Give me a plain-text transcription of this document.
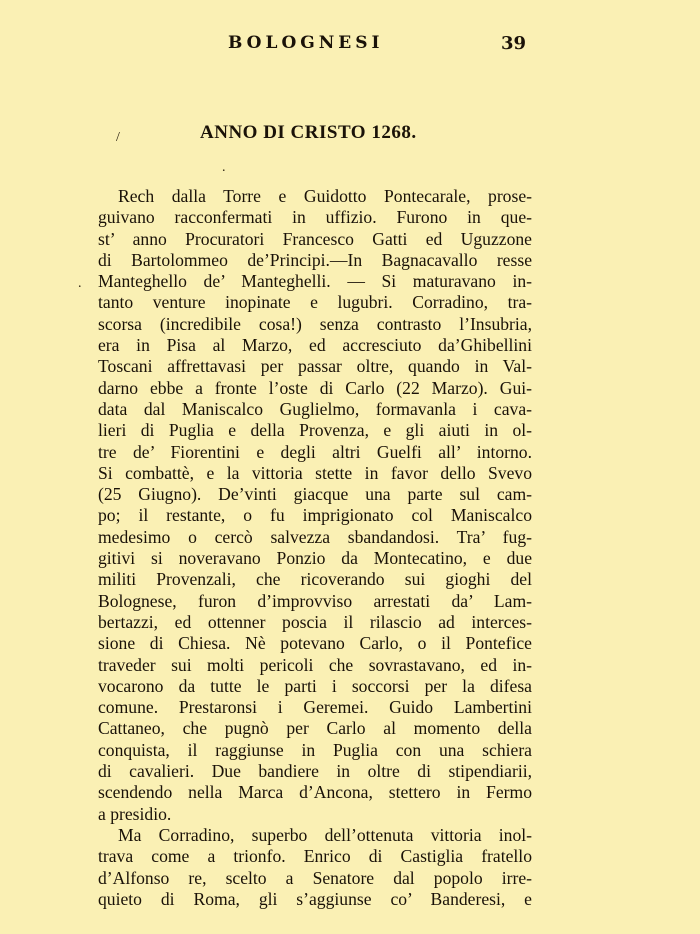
BOLOGNESI	39
/	ANNO DI CRISTO 1268.
.
.
Rech dalla Torre e Guidotto Pontecarale, prose-
guivano racconfermati in uffizio. Furono in que-
st’ anno Procuratori Francesco Gatti ed Uguzzone
di Bartolommeo de’Principi.—In Bagnacavallo resse
Manteghello de’ Manteghelli. — Si maturavano in-
tanto venture inopinate e lugubri. Corradino, tra-
scorsa (incredibile cosa!) senza contrasto l’Insubria,
era in Pisa al Marzo, ed accresciuto da’Ghibellini
Toscani affrettavasi per passar oltre, quando in Val-
darno ebbe a fronte l’oste di Carlo (22 Marzo). Gui-
data dal Maniscalco Guglielmo, formavanla i cava-
lieri di Puglia e della Provenza, e gli aiuti in ol-
tre de’ Fiorentini e degli altri Guelfi all’ intorno.
Si combattè, e la vittoria stette in favor dello Svevo
(25 Giugno). De’vinti giacque una parte sul cam-
po; il restante, o fu imprigionato col Maniscalco
medesimo o cercò salvezza sbandandosi. Tra’ fug-
gitivi si noveravano Ponzio da Montecatino, e due
militi Provenzali, che ricoverando sui gioghi del
Bolognese, furon d’improvviso arrestati da’ Lam-
bertazzi, ed ottenner poscia il rilascio ad interces-
sione di Chiesa. Nè potevano Carlo, o il Pontefice
traveder sui molti pericoli che sovrastavano, ed in-
vocarono da tutte le parti i soccorsi per la difesa
comune. Prestaronsi i Geremei. Guido Lambertini
Cattaneo, che pugnò per Carlo al momento della
conquista, il raggiunse in Puglia con una schiera
di cavalieri. Due bandiere in oltre di stipendiarii,
scendendo nella Marca d’Ancona, stettero in Fermo
a presidio.
Ma Corradino, superbo dell’ottenuta vittoria inol-
trava come a trionfo. Enrico di Castiglia fratello
d’Alfonso re, scelto a Senatore dal popolo irre-
quieto di Roma, gli s’aggiunse co’ Banderesi, e
